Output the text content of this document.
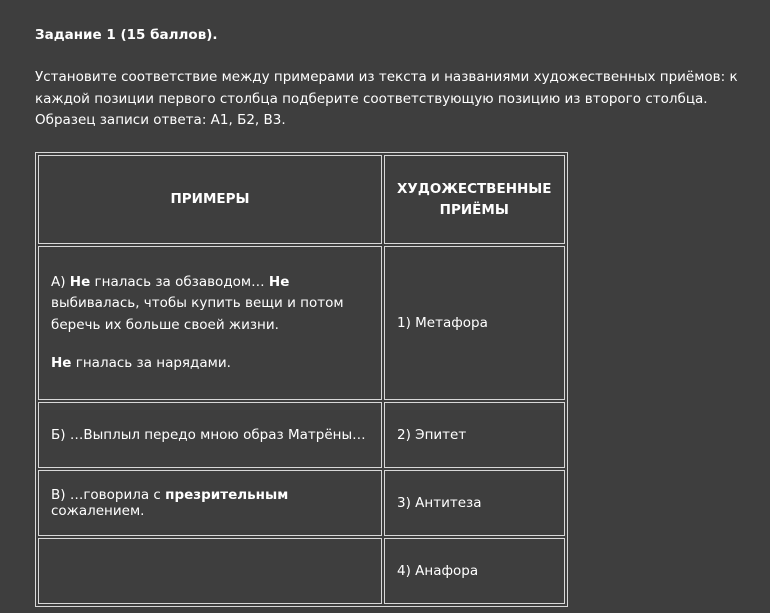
Задание 1 (15 баллов).
Установите соответствие между примерами из текста и названиями художественных приёмов: к каждой позиции первого столбца подберите соответствующую позицию из второго столбца. Образец записи ответа: А1, Б2, В3.
ПРИМЕРЫ	ХУДОЖЕСТВЕННЫЕ ПРИЁМЫ

А) Не гналась за обзаводом… Не выбивалась, чтобы купить вещи и потом беречь их больше своей жизни.

Не гналась за нарядами.	1) Метафора
Б) …Выплыл передо мною образ Матрёны…	2) Эпитет
В) …говорила с презрительным сожалением.	3) Антитеза
	4) Анафора
